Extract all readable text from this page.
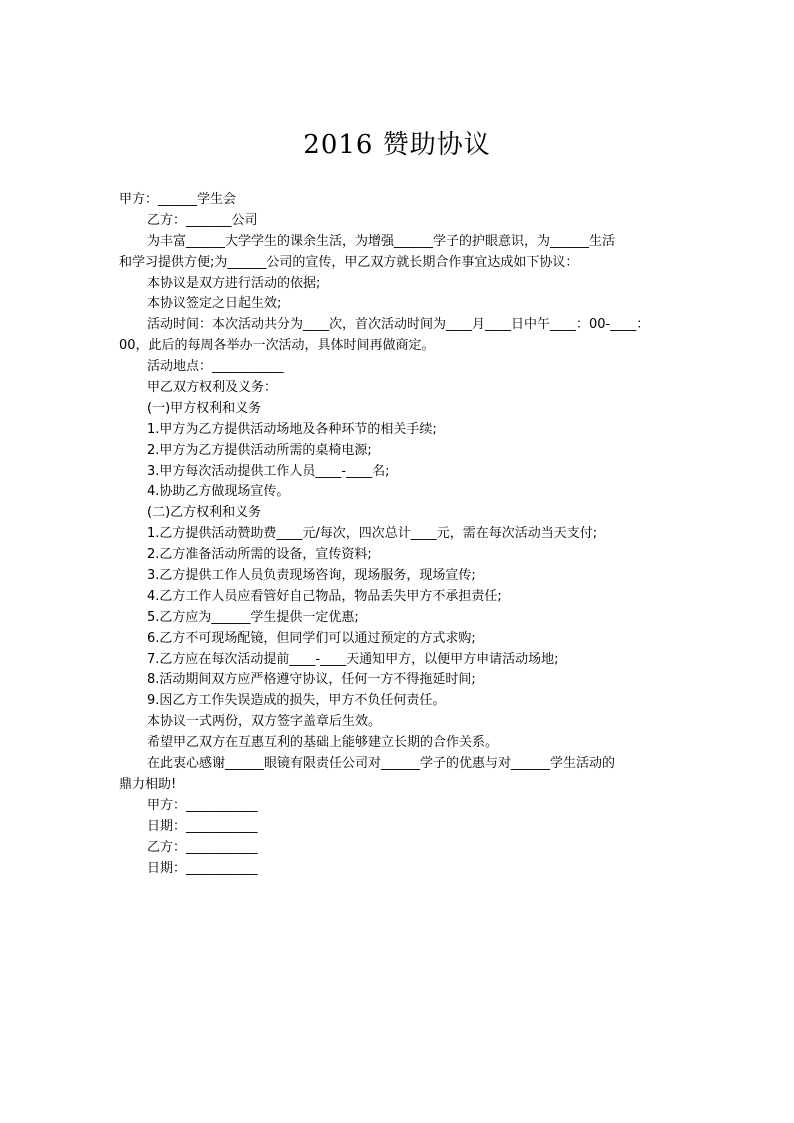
2016 赞助协议
甲方：______学生会
乙方：_______公司
为丰富______大学学生的课余生活，为增强______学子的护眼意识，为______生活
和学习提供方便;为______公司的宣传，甲乙双方就长期合作事宜达成如下协议：
本协议是双方进行活动的依据;
本协议签定之日起生效;
活动时间：本次活动共分为____次，首次活动时间为____月____日中午____：00-____：
00，此后的每周各举办一次活动，具体时间再做商定。
活动地点：___________
甲乙双方权利及义务：
(一)甲方权利和义务
1.甲方为乙方提供活动场地及各种环节的相关手续;
2.甲方为乙方提供活动所需的桌椅电源;
3.甲方每次活动提供工作人员____-____名;
4.协助乙方做现场宣传。
(二)乙方权利和义务
1.乙方提供活动赞助费____元/每次，四次总计____元，需在每次活动当天支付;
2.乙方准备活动所需的设备，宣传资料;
3.乙方提供工作人员负责现场咨询，现场服务，现场宣传;
4.乙方工作人员应看管好自己物品，物品丢失甲方不承担责任;
5.乙方应为______学生提供一定优惠;
6.乙方不可现场配镜，但同学们可以通过预定的方式求购;
7.乙方应在每次活动提前____-____天通知甲方，以便甲方申请活动场地;
8.活动期间双方应严格遵守协议，任何一方不得拖延时间;
9.因乙方工作失误造成的损失，甲方不负任何责任。
本协议一式两份，双方签字盖章后生效。
希望甲乙双方在互惠互利的基础上能够建立长期的合作关系。
在此衷心感谢______眼镜有限责任公司对______学子的优惠与对______学生活动的
鼎力相助!
甲方：___________
日期：___________
乙方：___________
日期：___________
